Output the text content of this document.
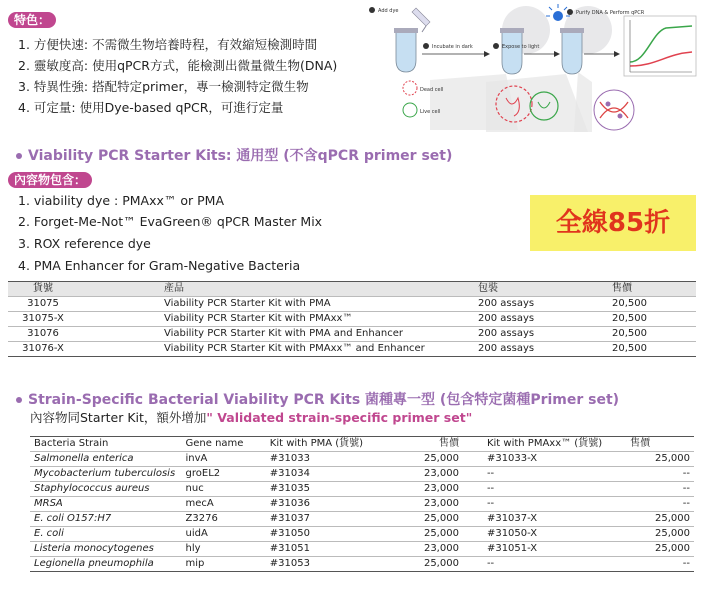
特色：
1. 方便快速: 不需微生物培養時程，有效縮短檢測時間
2. 靈敏度高: 使用qPCR方式，能檢測出微量微生物(DNA)
3. 特異性強: 搭配特定primer，專一檢測特定微生物
4. 可定量: 使用Dye-based qPCR，可進行定量
Add dye
Incubate in dark	Expose to light
Purify DNA & Perform qPCR
Dead cell
Live cell
Viability PCR Starter Kits: 通用型 (不含qPCR primer set)
內容物包含：
1. viability dye : PMAxx™ or PMA
2. Forget-Me-Not™ EvaGreen® qPCR Master Mix
3. ROX reference dye
4. PMA Enhancer for Gram-Negative Bacteria
全線85折
貨號	產品	包裝	售價
31075	Viability PCR Starter Kit with PMA	200 assays	20,500
31075-X	Viability PCR Starter Kit with PMAxx™	200 assays	20,500
31076	Viability PCR Starter Kit with PMA and Enhancer	200 assays	20,500
31076-X	Viability PCR Starter Kit with PMAxx™ and Enhancer	200 assays	20,500
Strain-Specific Bacterial Viability PCR Kits 菌種專一型 (包含特定菌種Primer set)
內容物同Starter Kit，額外增加" Validated strain-specific primer set"
Bacteria Strain	Gene name	Kit with PMA (貨號)	售價	Kit with PMAxx™ (貨號)	售價
Salmonella enterica	invA	#31033	25,000	#31033-X	25,000
Mycobacterium tuberculosis	groEL2	#31034	23,000	--	--
Staphylococcus aureus	nuc	#31035	23,000	--	--
MRSA	mecA	#31036	23,000	--	--
E. coli O157:H7	Z3276	#31037	25,000	#31037-X	25,000
E. coli	uidA	#31050	25,000	#31050-X	25,000
Listeria monocytogenes	hly	#31051	23,000	#31051-X	25,000
Legionella pneumophila	mip	#31053	25,000	--	--
